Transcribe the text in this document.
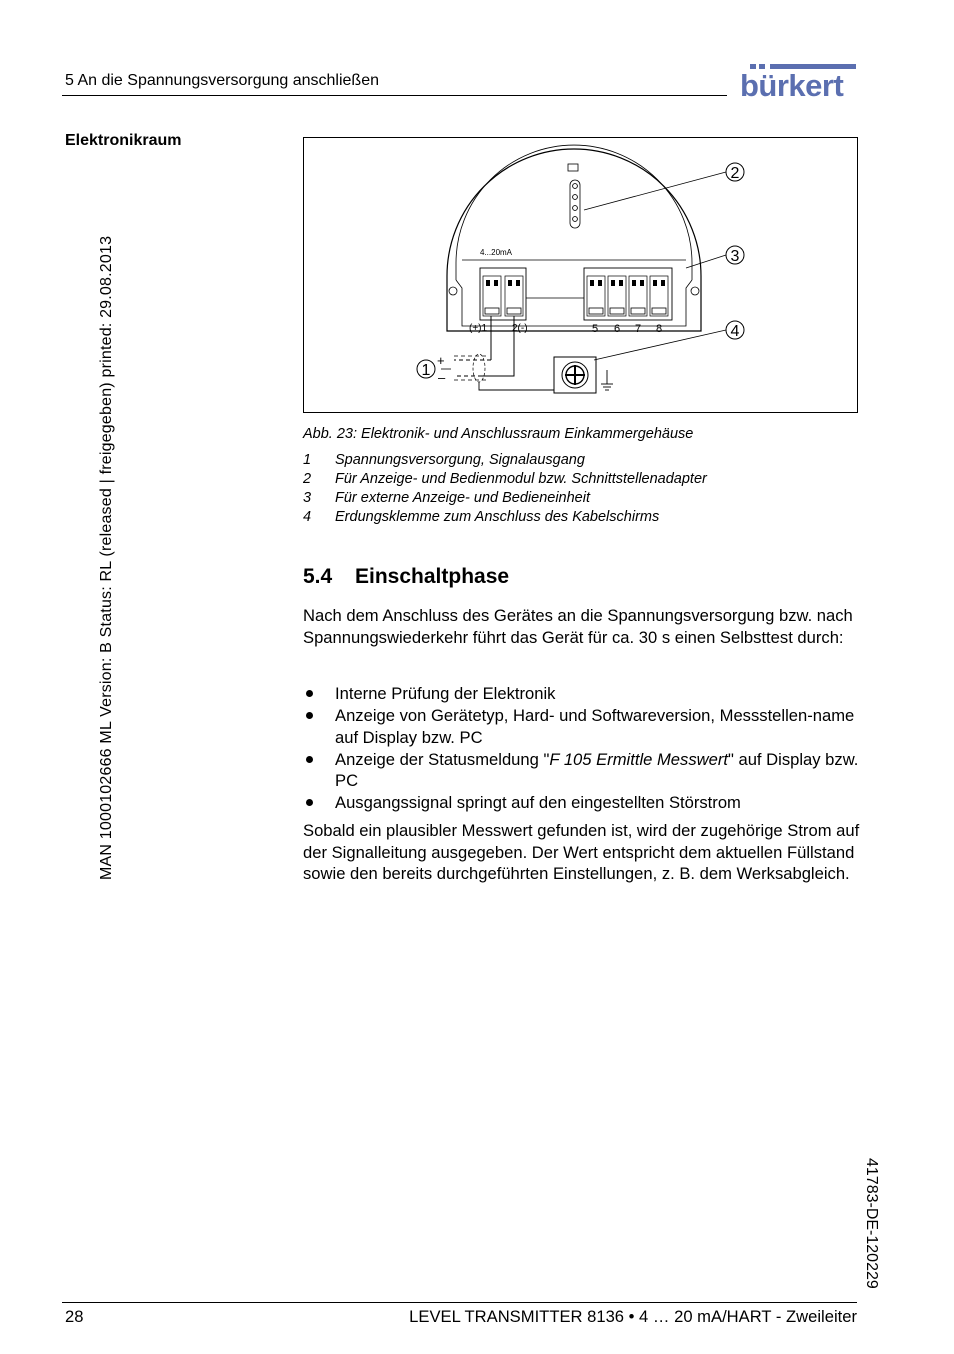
5 An die Spannungsversorgung anschließen	bürkert
Elektronikraum
MAN 1000102666 ML Version: B Status: RL (released | freigegeben) printed: 29.08.2013
41783-DE-120229
4...20mA
(+)1 2(-)	5 6 7 8
+
–
2
3
4
1
Abb. 23: Elektronik- und Anschlussraum Einkammergehäuse
1	Spannungsversorgung, Signalausgang
2	Für Anzeige- und Bedienmodul bzw. Schnittstellenadapter
3	Für externe Anzeige- und Bedieneinheit
4	Erdungsklemme zum Anschluss des Kabelschirms
5.4 Einschaltphase
Nach dem Anschluss des Gerätes an die Spannungsversorgung bzw. nach Spannungswiederkehr führt das Gerät für ca. 30 s einen Selbsttest durch:
Interne Prüfung der Elektronik
Anzeige von Gerätetyp, Hard- und Softwareversion, Messstellen-name auf Display bzw. PC
Anzeige der Statusmeldung "F 105 Ermittle Messwert" auf Display bzw. PC
Ausgangssignal springt auf den eingestellten Störstrom
Sobald ein plausibler Messwert gefunden ist, wird der zugehörige Strom auf der Signalleitung ausgegeben. Der Wert entspricht dem aktuellen Füllstand sowie den bereits durchgeführten Einstellungen, z. B. dem Werksabgleich.
28	LEVEL TRANSMITTER 8136 • 4 … 20 mA/HART - Zweileiter
